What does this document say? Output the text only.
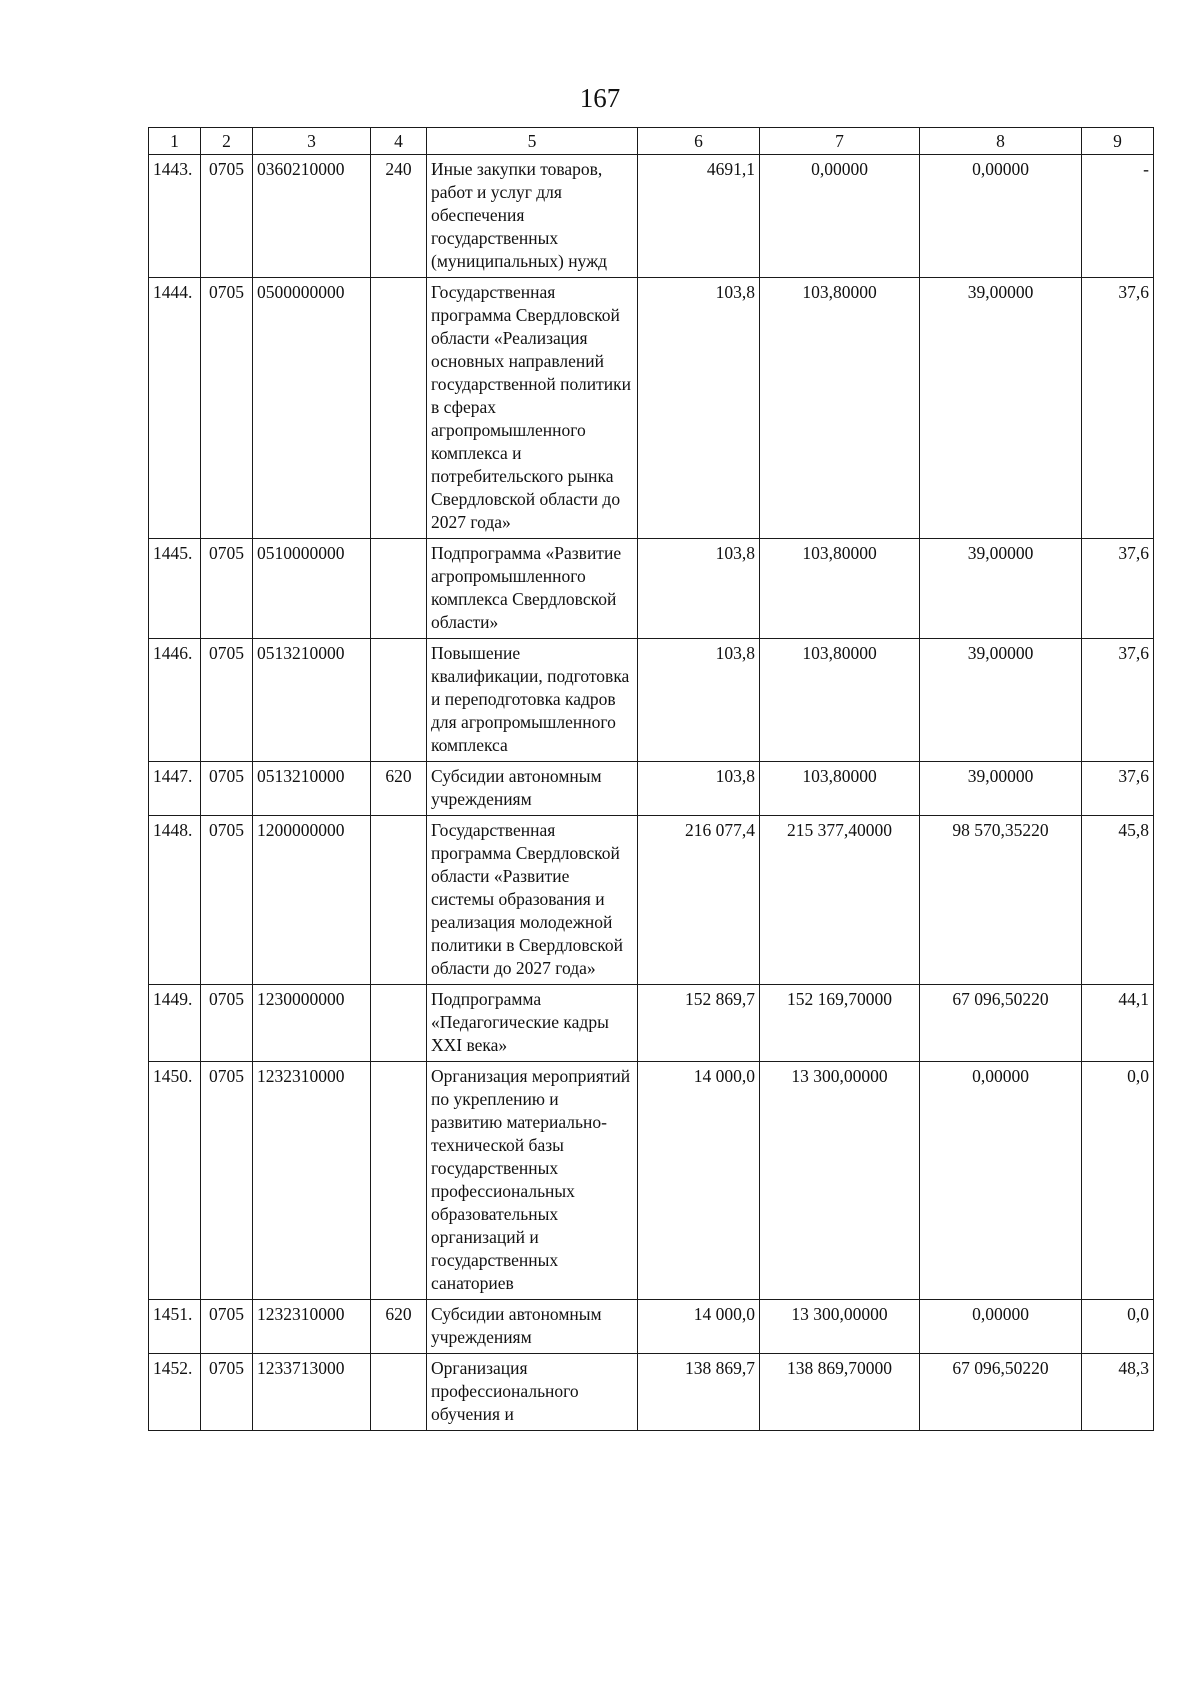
167
1	2	3	4	5	6	7	8	9
1443.	0705	0360210000	240	Иные закупки товаров, работ и услуг для обеспечения государственных (муниципальных) нужд	4691,1	0,00000	0,00000	-
1444.	0705	0500000000		Государственная программа Свердловской области «Реализация основных направлений государственной политики в сферах агропромышленного комплекса и потребительского рынка Свердловской области до 2027 года»	103,8	103,80000	39,00000	37,6
1445.	0705	0510000000		Подпрограмма «Развитие агропромышленного комплекса Свердловской области»	103,8	103,80000	39,00000	37,6
1446.	0705	0513210000		Повышение квалификации, подготовка и переподготовка кадров для агропромышленного комплекса	103,8	103,80000	39,00000	37,6
1447.	0705	0513210000	620	Субсидии автономным учреждениям	103,8	103,80000	39,00000	37,6
1448.	0705	1200000000		Государственная программа Свердловской области «Развитие системы образования и реализация молодежной политики в Свердловской области до 2027 года»	216 077,4	215 377,40000	98 570,35220	45,8
1449.	0705	1230000000		Подпрограмма «Педагогические кадры XXI века»	152 869,7	152 169,70000	67 096,50220	44,1
1450.	0705	1232310000		Организация мероприятий по укреплению и развитию материально-технической базы государственных профессиональных образовательных организаций и государственных санаториев	14 000,0	13 300,00000	0,00000	0,0
1451.	0705	1232310000	620	Субсидии автономным учреждениям	14 000,0	13 300,00000	0,00000	0,0
1452.	0705	1233713000		Организация профессионального обучения и	138 869,7	138 869,70000	67 096,50220	48,3
